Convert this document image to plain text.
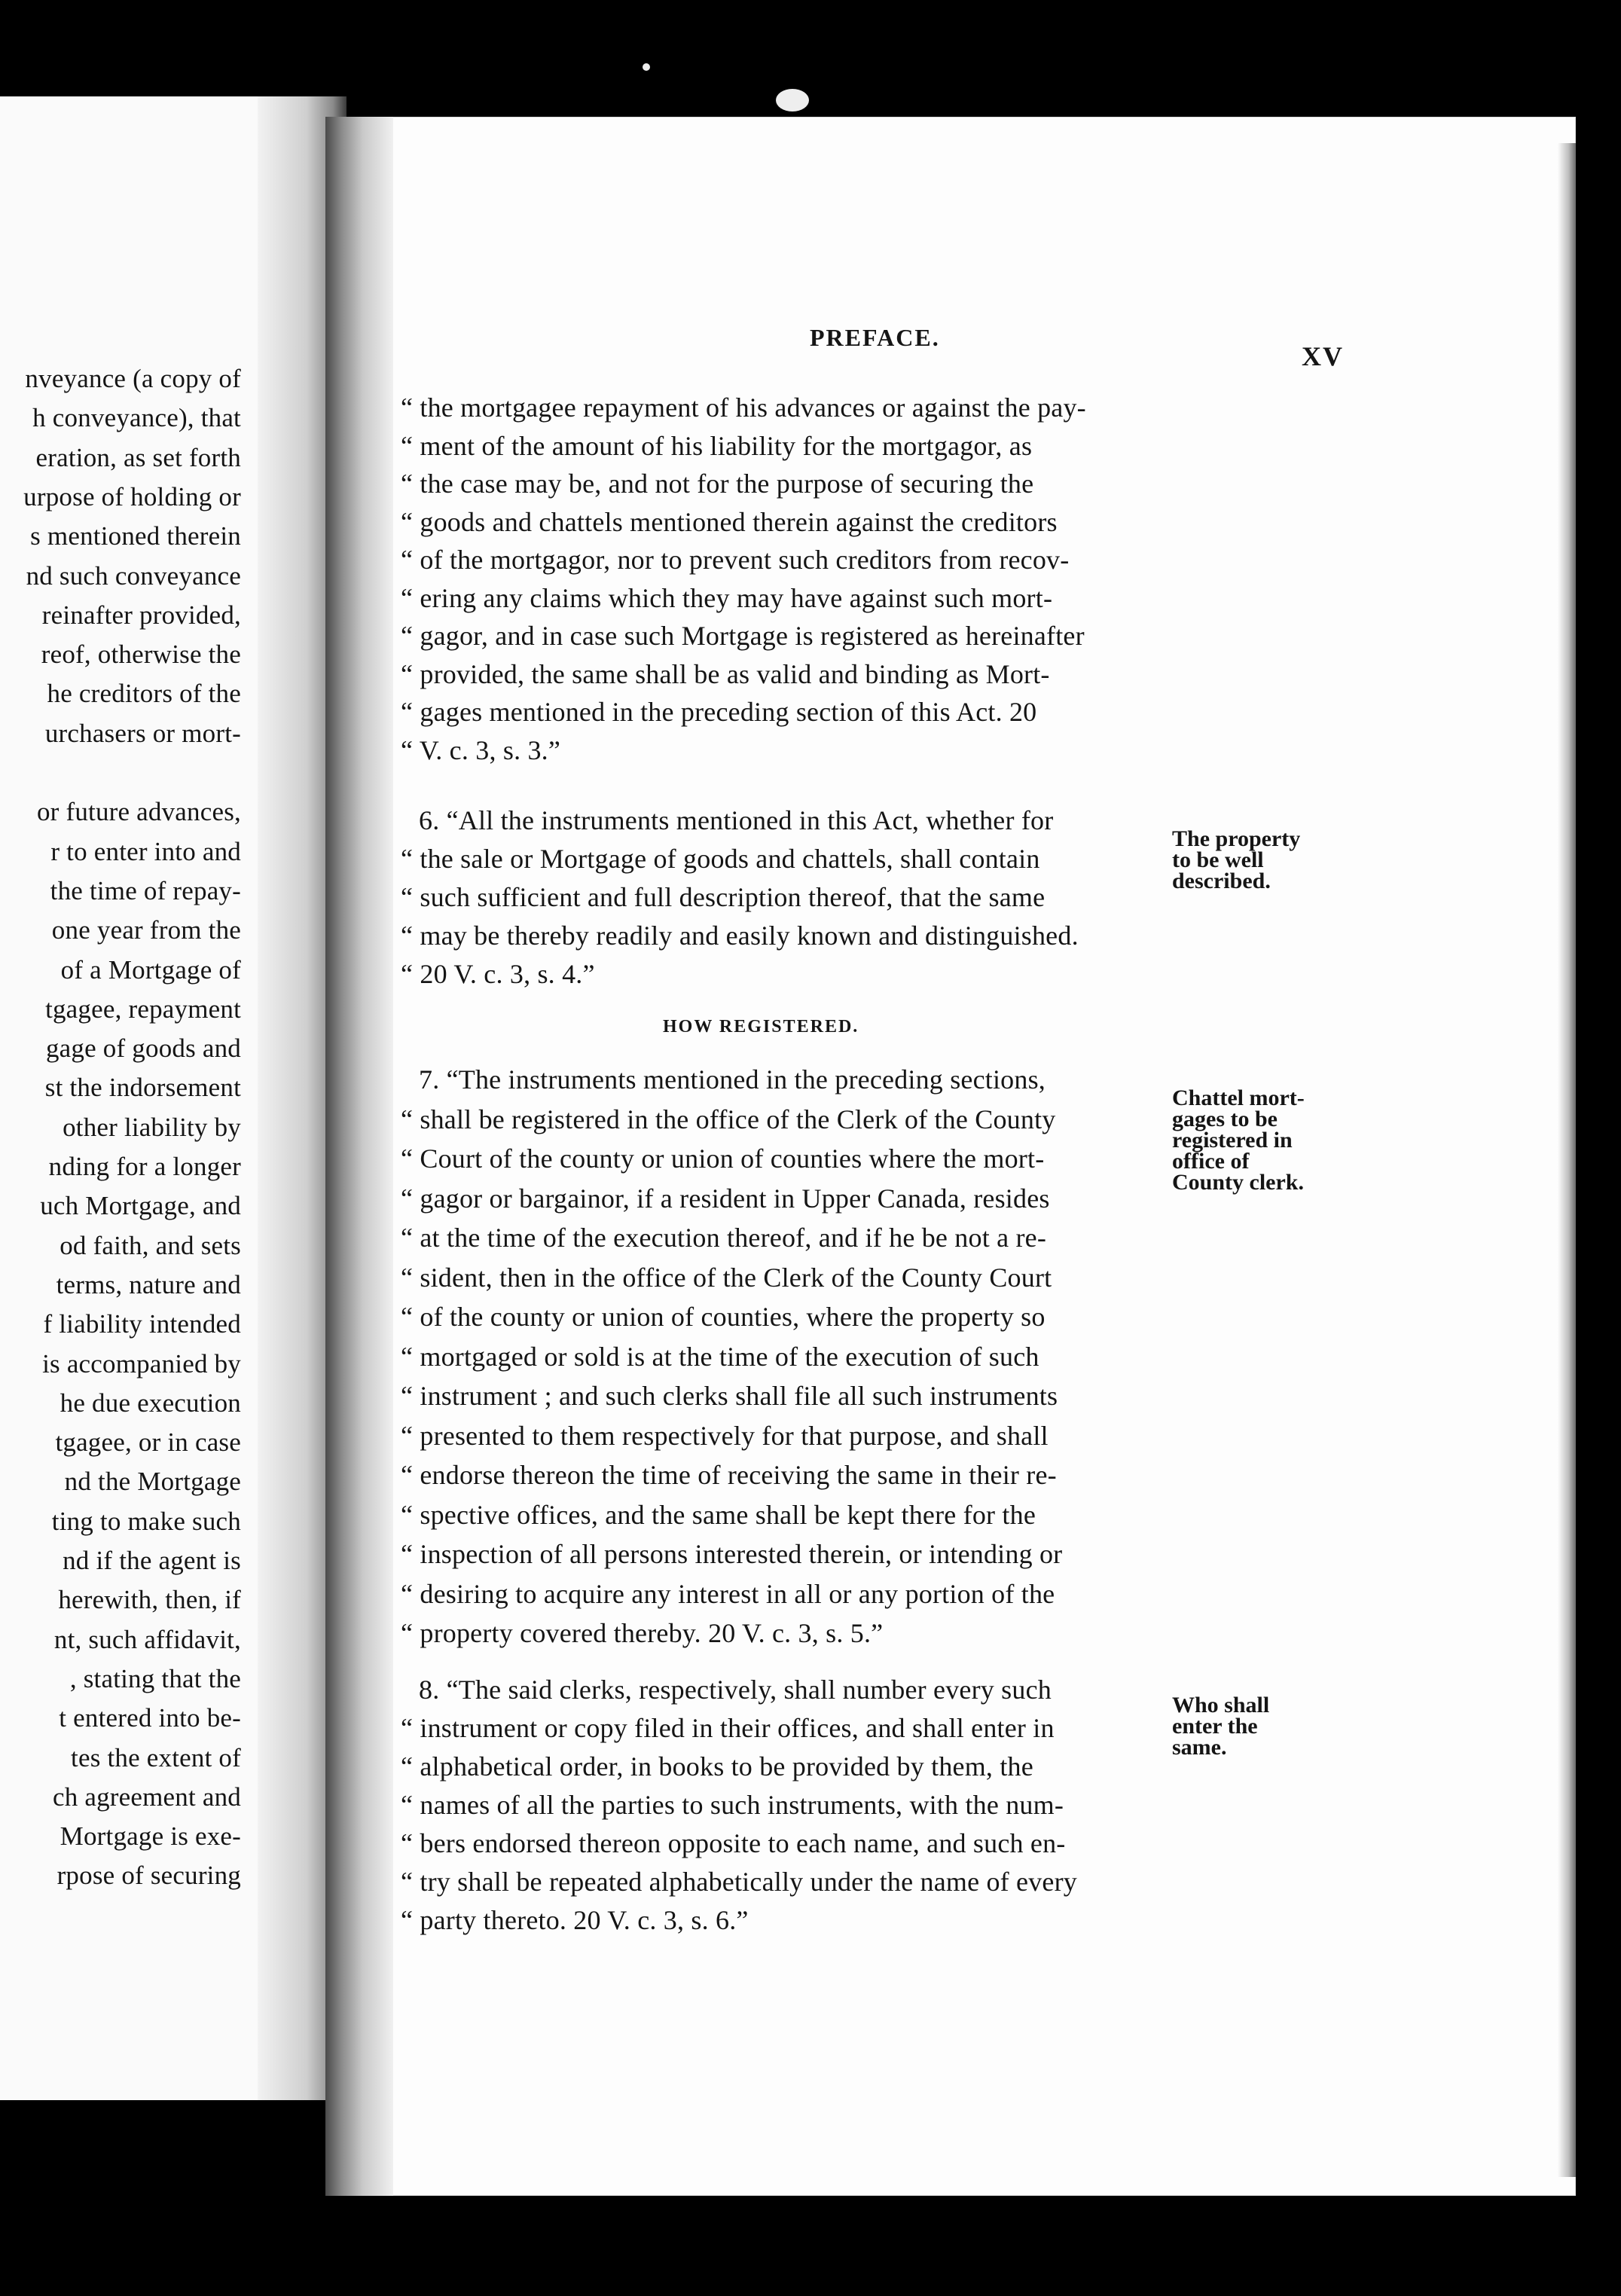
nveyance (a copy of
h conveyance), that
eration, as set forth
urpose of holding or
s mentioned therein
nd such conveyance
reinafter provided,
reof, otherwise the
he creditors of the
urchasers or mort-
or future advances,
r to enter into and
the time of repay-
one year from the
of a Mortgage of
tgagee, repayment
gage of goods and
st the indorsement
other liability by
nding for a longer
uch Mortgage, and
od faith, and sets
terms, nature and
f liability intended
is accompanied by
he due execution
tgagee, or in case
nd the Mortgage
ting to make such
nd if the agent is
herewith, then, if
nt, such affidavit,
, stating that the
t entered into be-
tes the extent of
ch agreement and
Mortgage is exe-
rpose of securing
PREFACE.
XV
“ the mortgagee repayment of his advances or against the pay-
“ ment of the amount of his liability for the mortgagor, as
“ the case may be, and not for the purpose of securing the
“ goods and chattels mentioned therein against the creditors
“ of the mortgagor, nor to prevent such creditors from recov-
“ ering any claims which they may have against such mort-
“ gagor, and in case such Mortgage is registered as hereinafter
“ provided, the same shall be as valid and binding as Mort-
“ gages mentioned in the preceding section of this Act. 20
“ V. c. 3, s. 3.”
6. “All the instruments mentioned in this Act, whether for
“ the sale or Mortgage of goods and chattels, shall contain
“ such sufficient and full description thereof, that the same
“ may be thereby readily and easily known and distinguished.
“ 20 V. c. 3, s. 4.”
The property
to be well
described.
HOW REGISTERED.
7. “The instruments mentioned in the preceding sections,
“ shall be registered in the office of the Clerk of the County
“ Court of the county or union of counties where the mort-
“ gagor or bargainor, if a resident in Upper Canada, resides
“ at the time of the execution thereof, and if he be not a re-
“ sident, then in the office of the Clerk of the County Court
“ of the county or union of counties, where the property so
“ mortgaged or sold is at the time of the execution of such
“ instrument ; and such clerks shall file all such instruments
“ presented to them respectively for that purpose, and shall
“ endorse thereon the time of receiving the same in their re-
“ spective offices, and the same shall be kept there for the
“ inspection of all persons interested therein, or intending or
“ desiring to acquire any interest in all or any portion of the
“ property covered thereby. 20 V. c. 3, s. 5.”
Chattel mort-
gages to be
registered in
office of
County clerk.
8. “The said clerks, respectively, shall number every such
“ instrument or copy filed in their offices, and shall enter in
“ alphabetical order, in books to be provided by them, the
“ names of all the parties to such instruments, with the num-
“ bers endorsed thereon opposite to each name, and such en-
“ try shall be repeated alphabetically under the name of every
“ party thereto. 20 V. c. 3, s. 6.”
Who shall
enter the
same.
